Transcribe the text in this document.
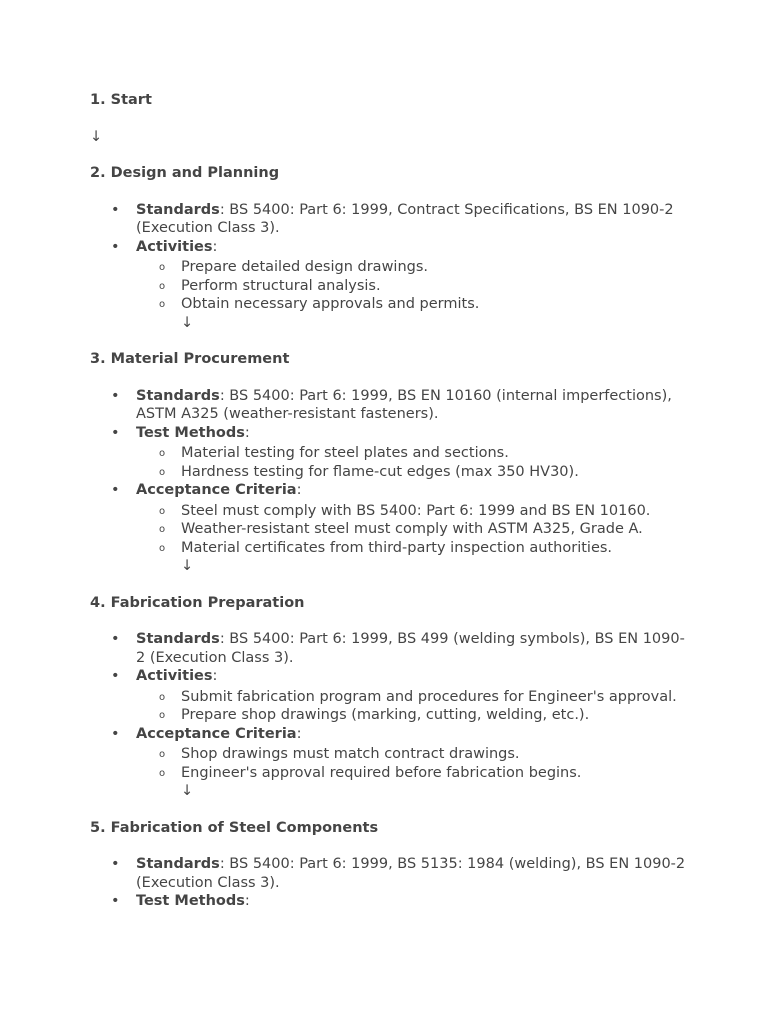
1. Start

↓

2. Design and Planning

• Standards: BS 5400: Part 6: 1999, Contract Specifications, BS EN 1090-2 (Execution Class 3).
• Activities:
o Prepare detailed design drawings.
o Perform structural analysis.
o Obtain necessary approvals and permits.
↓

3. Material Procurement

• Standards: BS 5400: Part 6: 1999, BS EN 10160 (internal imperfections), ASTM A325 (weather-resistant fasteners).
• Test Methods:
o Material testing for steel plates and sections.
o Hardness testing for flame-cut edges (max 350 HV30).
• Acceptance Criteria:
o Steel must comply with BS 5400: Part 6: 1999 and BS EN 10160.
o Weather-resistant steel must comply with ASTM A325, Grade A.
o Material certificates from third-party inspection authorities.
↓

4. Fabrication Preparation

• Standards: BS 5400: Part 6: 1999, BS 499 (welding symbols), BS EN 1090-2 (Execution Class 3).
• Activities:
o Submit fabrication program and procedures for Engineer's approval.
o Prepare shop drawings (marking, cutting, welding, etc.).
• Acceptance Criteria:
o Shop drawings must match contract drawings.
o Engineer's approval required before fabrication begins.
↓

5. Fabrication of Steel Components

• Standards: BS 5400: Part 6: 1999, BS 5135: 1984 (welding), BS EN 1090-2 (Execution Class 3).
• Test Methods:
